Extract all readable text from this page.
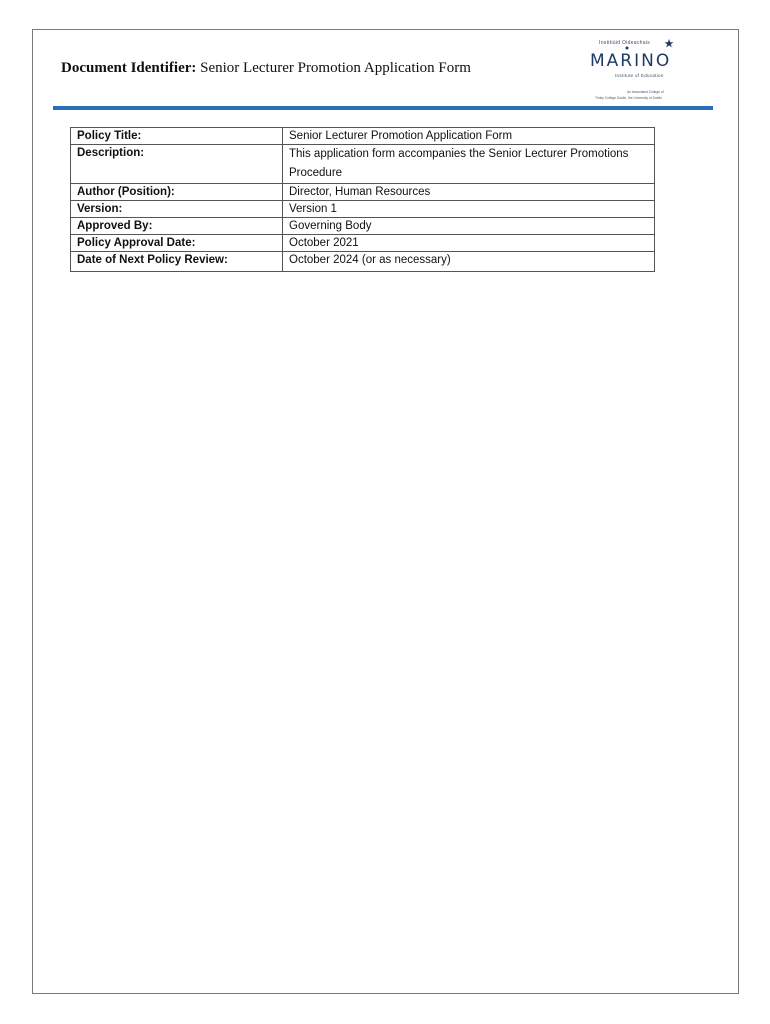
Document Identifier: Senior Lecturer Promotion Application Form
Institiúid Oideachais
MARINO
Institute of Education
An Associated College of
Trinity College Dublin, the University of Dublin
Policy Title:	Senior Lecturer Promotion Application Form
Description:	This application form accompanies the Senior Lecturer Promotions Procedure
Author (Position):	Director, Human Resources
Version:	Version 1
Approved By:	Governing Body
Policy Approval Date:	October 2021
Date of Next Policy Review:	October 2024 (or as necessary)
